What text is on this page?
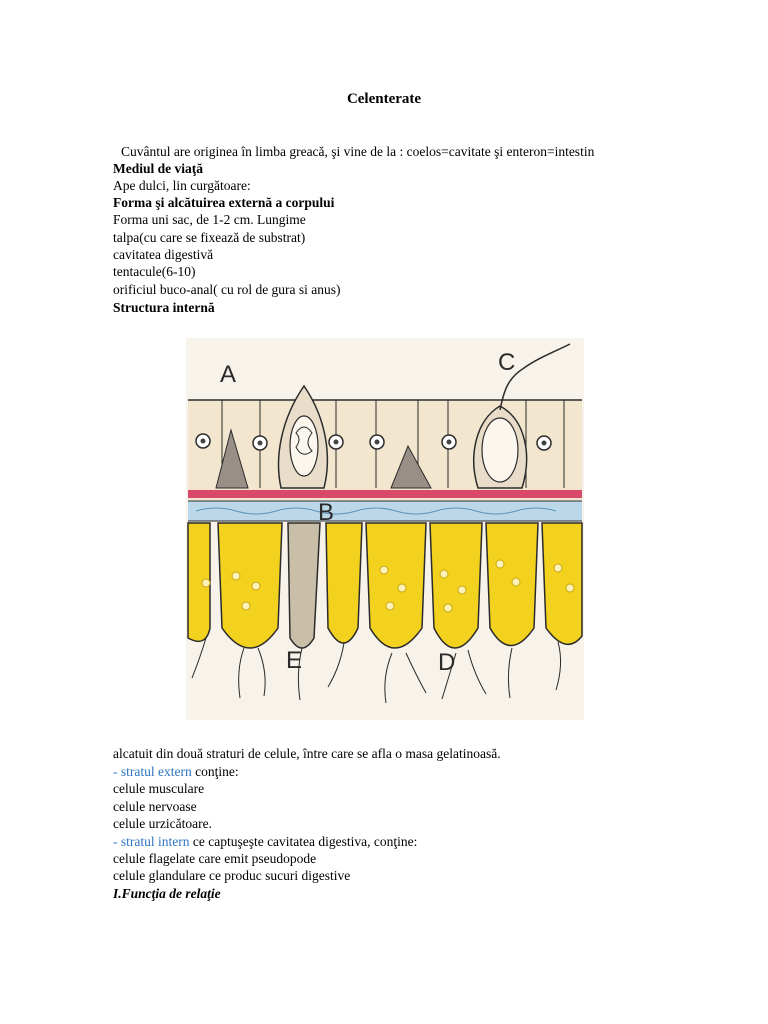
Celenterate
Cuvântul are originea în limba greacă, şi vine de la : coelos=cavitate şi enteron=intestin
Mediul de viaţă
Ape dulci, lin curgătoare:
Forma şi alcătuirea externă a corpului
Forma uni sac, de 1-2 cm. Lungime
talpa(cu care se fixează de substrat)
cavitatea digestivă
tentacule(6-10)
orificiul buco-anal( cu rol de gura si anus)
Structura internă
A
B
C
D
E
alcatuit din două straturi de celule, între care se afla o masa gelatinoasă.
- stratul extern conţine:
celule musculare
celule nervoase
celule urzicătoare.
- stratul intern ce captuşeşte cavitatea digestiva, conţine:
celule flagelate care emit pseudopode
celule glandulare ce produc sucuri digestive
I.Funcţia de relaţie
